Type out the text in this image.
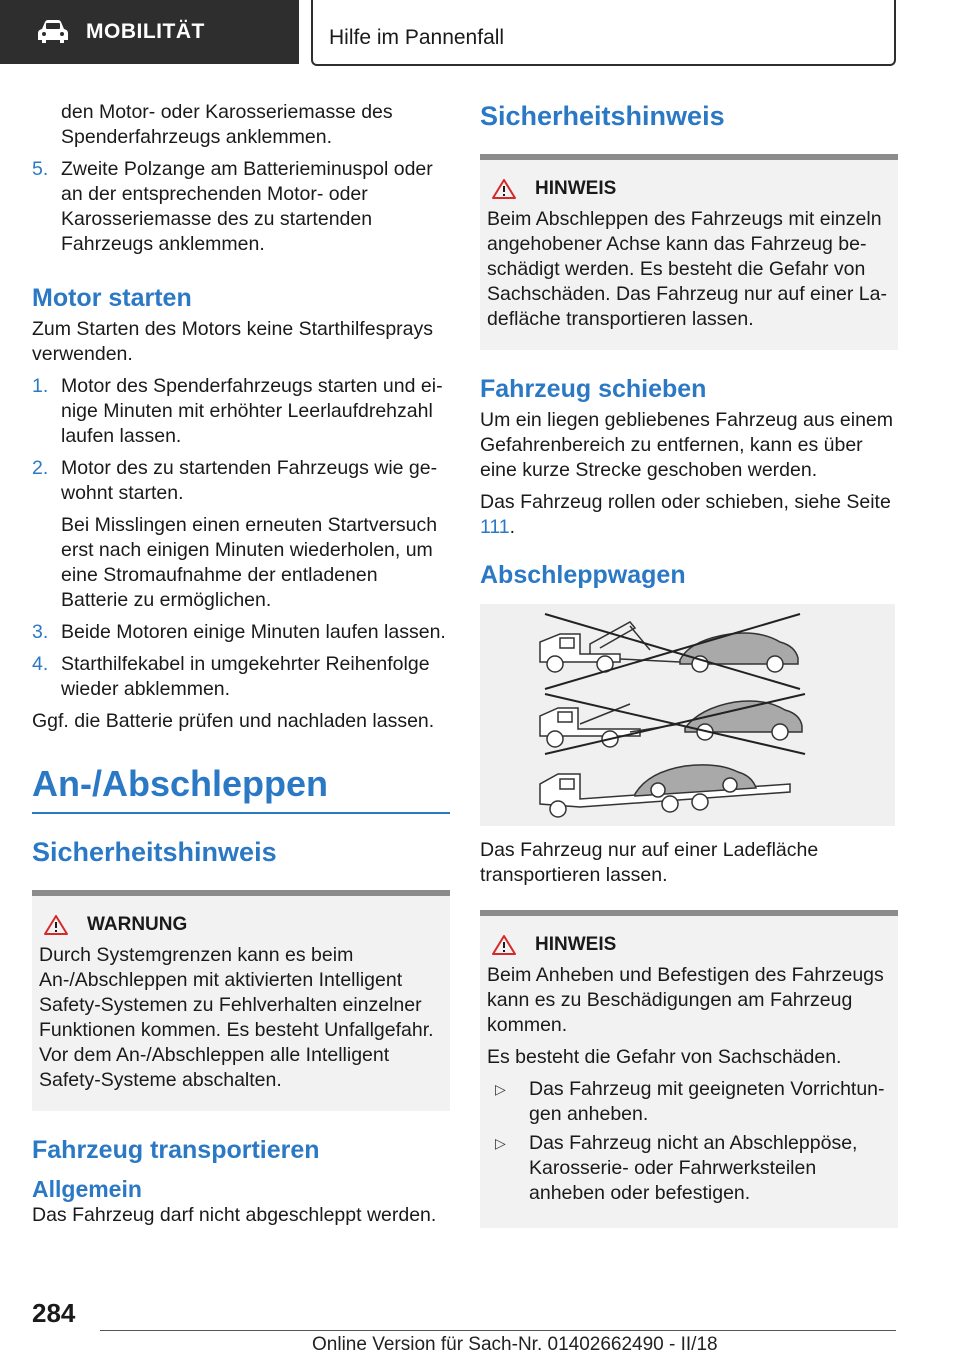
MOBILITÄT	Hilfe im Pannenfall

den Motor- oder Karosseriemasse des Spenderfahrzeugs anklemmen.

5. Zweite Polzange am Batterieminuspol oder an der entsprechenden Motor- oder Karosseriemasse des zu startenden Fahrzeugs anklemmen.

Motor starten

Zum Starten des Motors keine Starthilfesprays verwenden.

1. Motor des Spenderfahrzeugs starten und einige Minuten mit erhöhter Leerlaufdrehzahl laufen lassen.

2. Motor des zu startenden Fahrzeugs wie gewohnt starten.

Bei Misslingen einen erneuten Startversuch erst nach einigen Minuten wiederholen, um eine Stromaufnahme der entladenen Batterie zu ermöglichen.

3. Beide Motoren einige Minuten laufen lassen.

4. Starthilfekabel in umgekehrter Reihenfolge wieder abklemmen.

Ggf. die Batterie prüfen und nachladen lassen.

An-/Abschleppen
Sicherheitshinweis
WARNUNG

Durch Systemgrenzen kann es beim An-/Abschleppen mit aktivierten Intelligent Safety-Systemen zu Fehlverhalten einzelner Funktionen kommen. Es besteht Unfallgefahr. Vor dem An-/Abschleppen alle Intelligent Safety-Systeme abschalten.

Fahrzeug transportieren
Allgemein

Das Fahrzeug darf nicht abgeschleppt werden.

Sicherheitshinweis
HINWEIS

Beim Abschleppen des Fahrzeugs mit einzeln angehobener Achse kann das Fahrzeug beschädigt werden. Es besteht die Gefahr von Sachschäden. Das Fahrzeug nur auf einer Ladefläche transportieren lassen.

Fahrzeug schieben

Um ein liegen gebliebenes Fahrzeug aus einem Gefahrenbereich zu entfernen, kann es über eine kurze Strecke geschoben werden.

Das Fahrzeug rollen oder schieben, siehe Seite 111.

Abschleppwagen

Das Fahrzeug nur auf einer Ladefläche transportieren lassen.

HINWEIS

Beim Anheben und Befestigen des Fahrzeugs kann es zu Beschädigungen am Fahrzeug kommen.

Es besteht die Gefahr von Sachschäden.

▷	Das Fahrzeug mit geeigneten Vorrichtungen anheben.
▷	Das Fahrzeug nicht an Abschleppöse, Karosserie- oder Fahrwerksteilen anheben oder befestigen.
284
Online Version für Sach-Nr. 01402662490 - II/18
